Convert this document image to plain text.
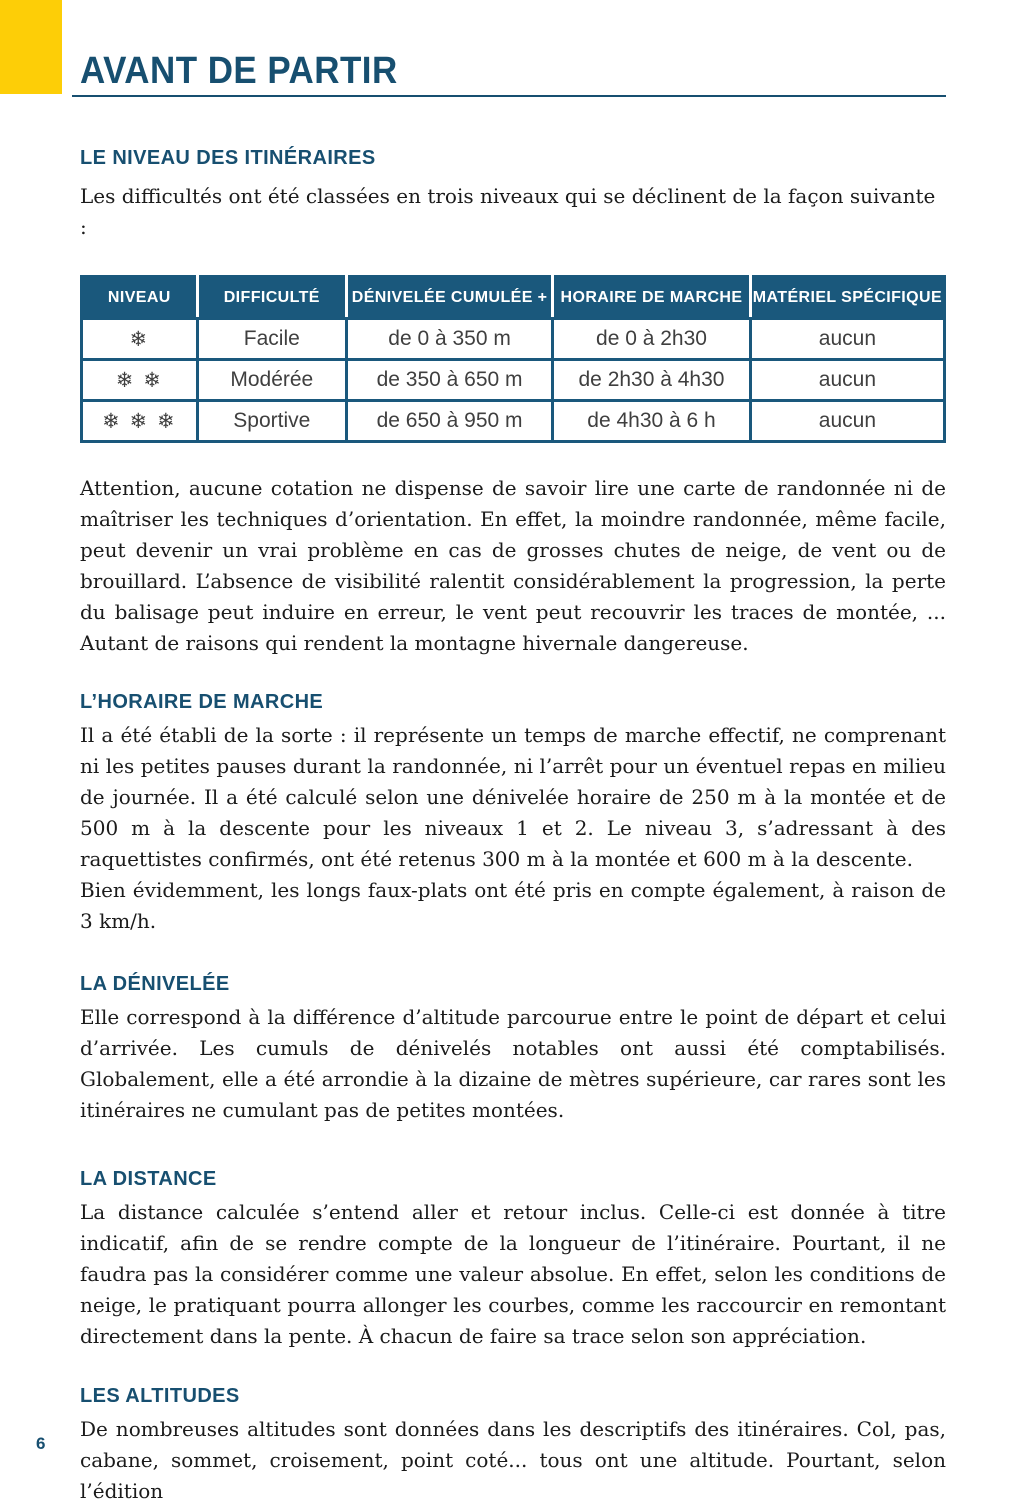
AVANT DE PARTIR
LE NIVEAU DES ITINÉRAIRES

Les difficultés ont été classées en trois niveaux qui se déclinent de la façon suivante :

NIVEAU	DIFFICULTÉ	DÉNIVELÉE CUMULÉE +	HORAIRE DE MARCHE	MATÉRIEL SPÉCIFIQUE
❄	Facile	de 0 à 350 m	de 0 à 2h30	aucun
❄ ❄	Modérée	de 350 à 650 m	de 2h30 à 4h30	aucun
❄ ❄ ❄	Sportive	de 650 à 950 m	de 4h30 à 6 h	aucun

Attention, aucune cotation ne dispense de savoir lire une carte de randonnée ni de maîtriser les techniques d’orientation. En effet, la moindre randonnée, même facile, peut devenir un vrai problème en cas de grosses chutes de neige, de vent ou de brouillard. L’absence de visibilité ralentit considérablement la progression, la perte du balisage peut induire en erreur, le vent peut recouvrir les traces de montée, ... Autant de raisons qui rendent la montagne hivernale dangereuse.

L’HORAIRE DE MARCHE

Il a été établi de la sorte : il représente un temps de marche effectif, ne comprenant ni les petites pauses durant la randonnée, ni l’arrêt pour un éventuel repas en milieu de journée. Il a été calculé selon une dénivelée horaire de 250 m à la montée et de 500 m à la descente pour les niveaux 1 et 2. Le niveau 3, s’adressant à des raquettistes confirmés, ont été retenus 300 m à la montée et 600 m à la descente.

Bien évidemment, les longs faux-plats ont été pris en compte également, à raison de 3 km/h.

LA DÉNIVELÉE

Elle correspond à la différence d’altitude parcourue entre le point de départ et celui d’arrivée. Les cumuls de dénivelés notables ont aussi été comptabilisés. Globalement, elle a été arrondie à la dizaine de mètres supérieure, car rares sont les itinéraires ne cumulant pas de petites montées.

LA DISTANCE

La distance calculée s’entend aller et retour inclus. Celle-ci est donnée à titre indicatif, afin de se rendre compte de la longueur de l’itinéraire. Pourtant, il ne faudra pas la considérer comme une valeur absolue. En effet, selon les conditions de neige, le pratiquant pourra allonger les courbes, comme les raccourcir en remontant directement dans la pente. À chacun de faire sa trace selon son appréciation.

LES ALTITUDES

De nombreuses altitudes sont données dans les descriptifs des itinéraires. Col, pas, cabane, sommet, croisement, point coté... tous ont une altitude. Pourtant, selon l’édition

6
